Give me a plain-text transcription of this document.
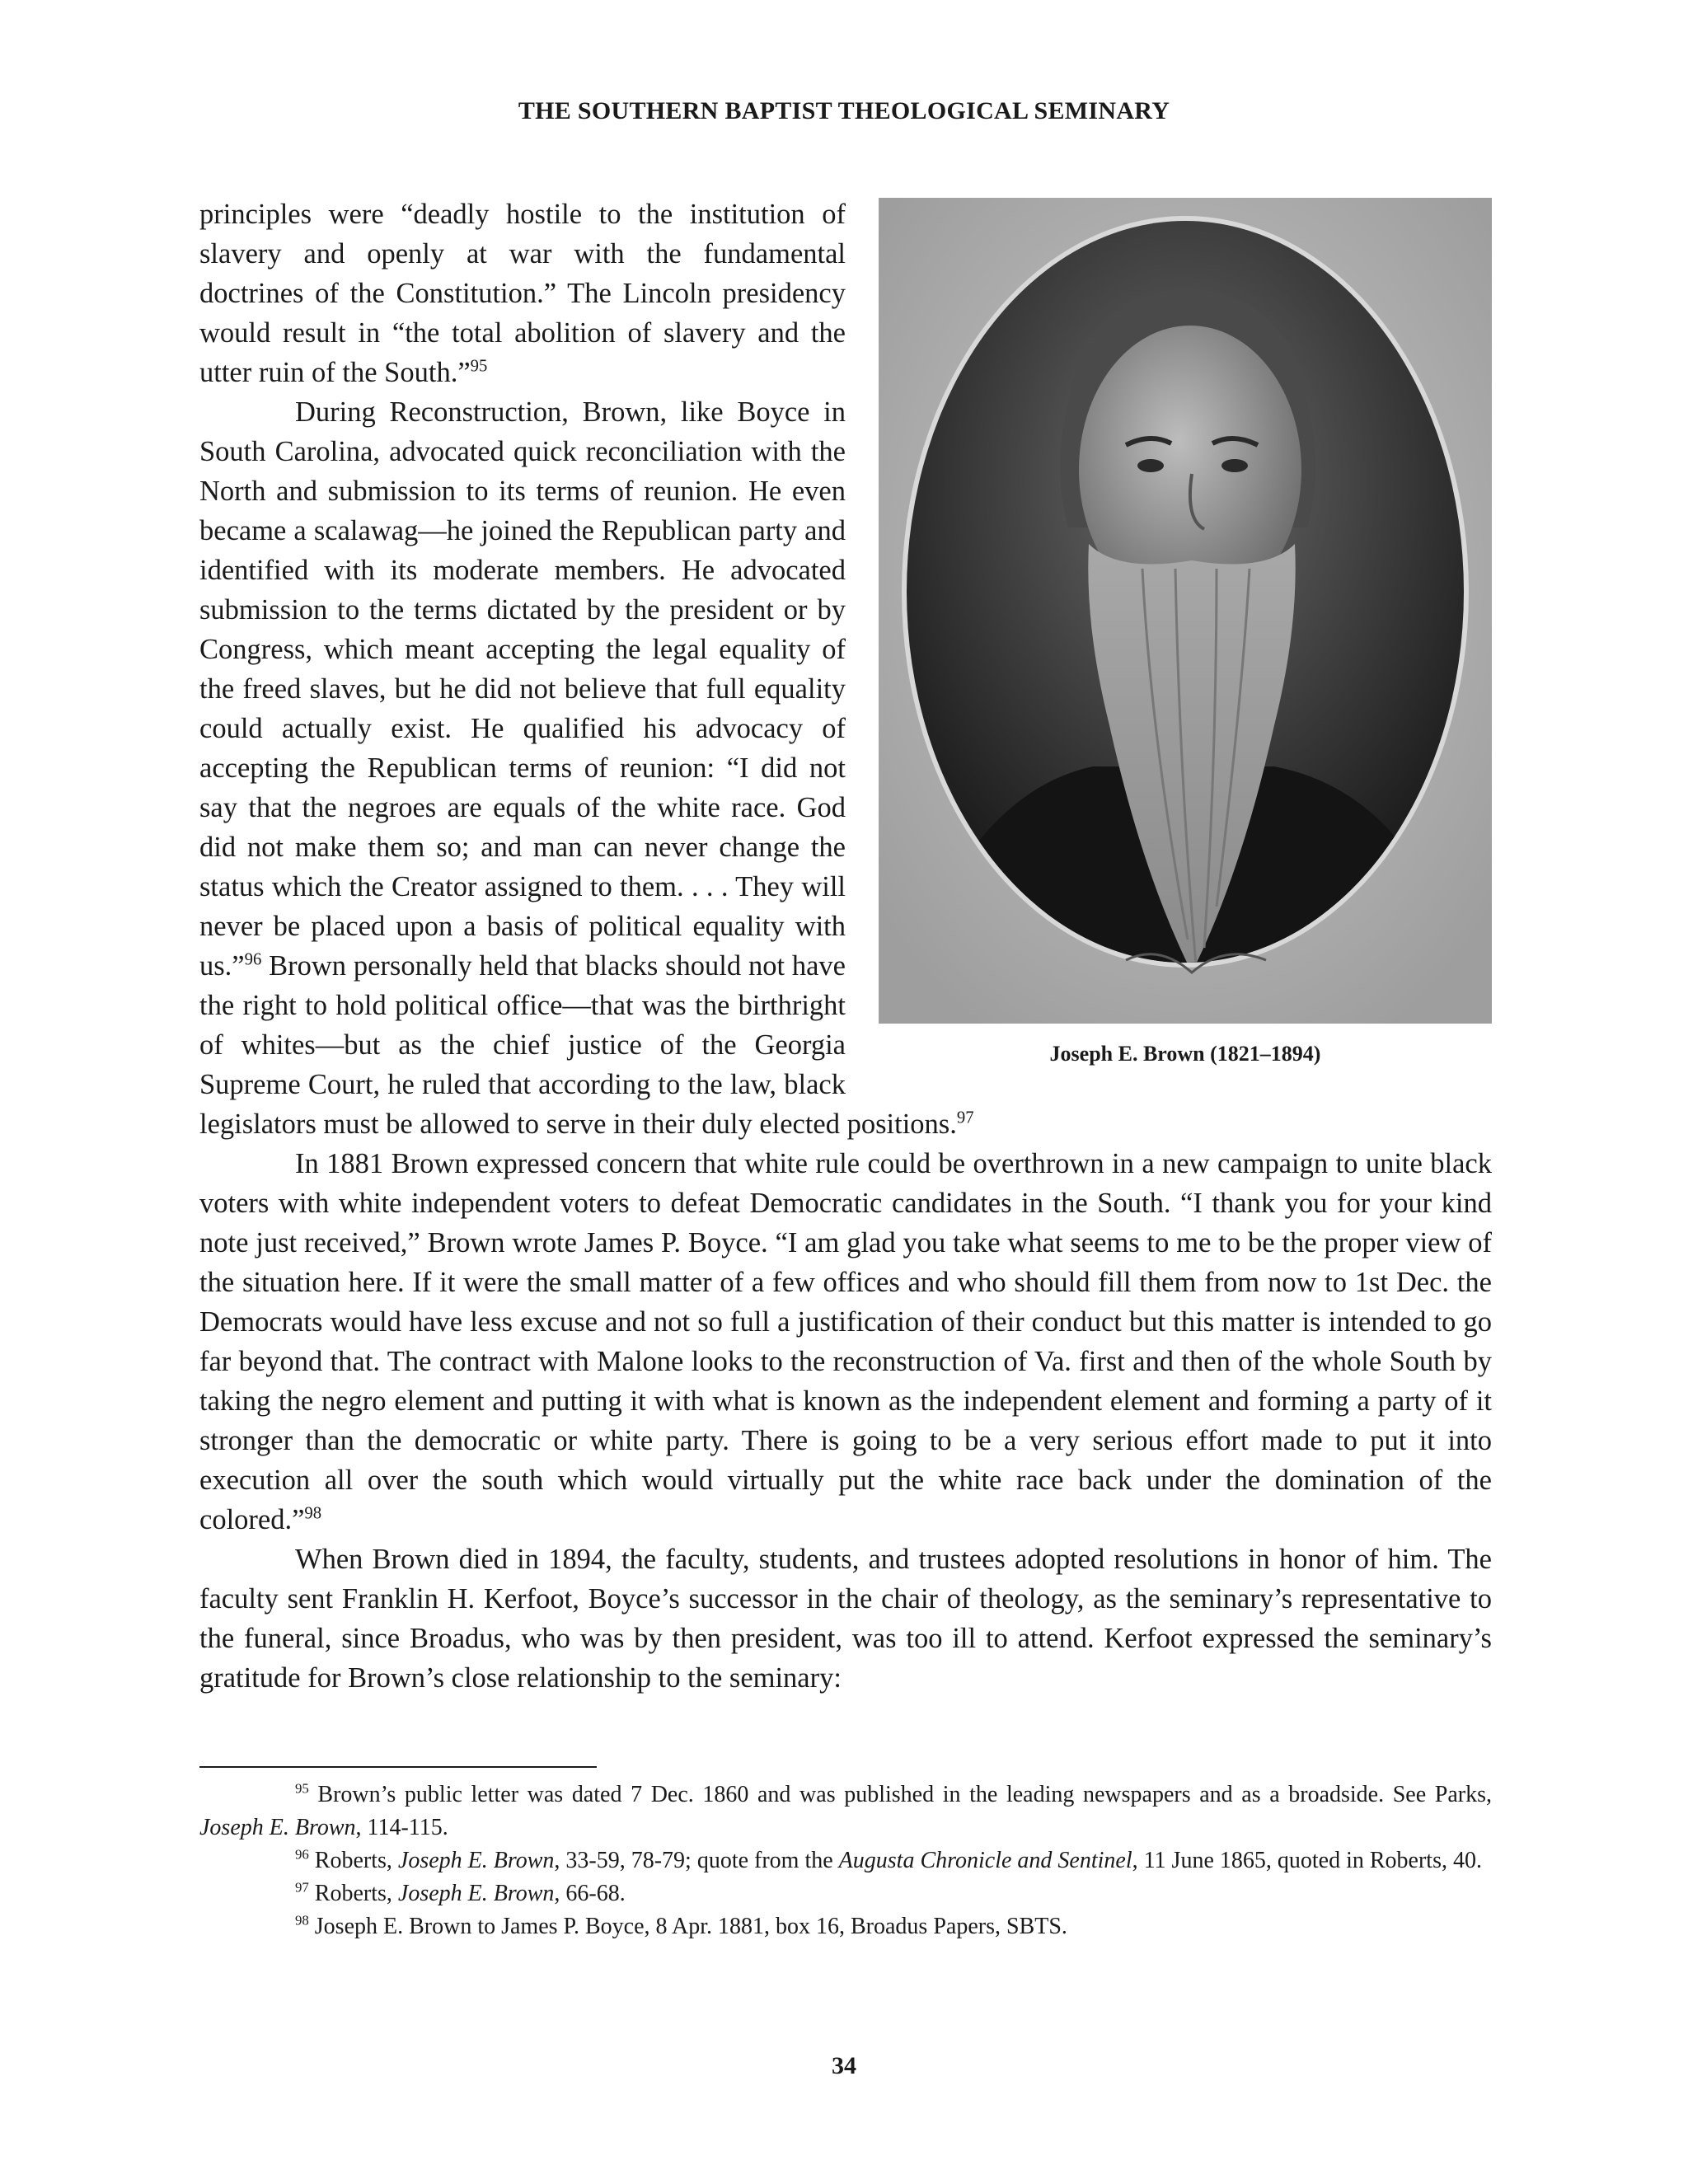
THE SOUTHERN BAPTIST THEOLOGICAL SEMINARY
Joseph E. Brown (1821–1894)

principles were “deadly hostile to the institution of slavery and openly at war with the fundamental doctrines of the Constitution.” The Lincoln presidency would result in “the total abolition of slavery and the utter ruin of the South.”$^{95}$

During Reconstruction, Brown, like Boyce in South Carolina, advocated quick reconciliation with the North and submission to its terms of reunion. He even became a scalawag—he joined the Republican party and identified with its moderate members. He advocated submission to the terms dictated by the president or by Congress, which meant accepting the legal equality of the freed slaves, but he did not believe that full equality could actually exist. He qualified his advocacy of accepting the Republican terms of reunion: “I did not say that the negroes are equals of the white race. God did not make them so; and man can never change the status which the Creator assigned to them. . . . They will never be placed upon a basis of political equality with us.”$^{96}$ Brown personally held that blacks should not have the right to hold political office—that was the birthright of whites—but as the chief justice of the Georgia Supreme Court, he ruled that according to the law, black legislators must be allowed to serve in their duly elected positions.$^{97}$

In 1881 Brown expressed concern that white rule could be overthrown in a new campaign to unite black voters with white independent voters to defeat Democratic candidates in the South. “I thank you for your kind note just received,” Brown wrote James P. Boyce. “I am glad you take what seems to me to be the proper view of the situation here. If it were the small matter of a few offices and who should fill them from now to 1st Dec. the Democrats would have less excuse and not so full a justification of their conduct but this matter is intended to go far beyond that. The contract with Malone looks to the reconstruction of Va. first and then of the whole South by taking the negro element and putting it with what is known as the independent element and forming a party of it stronger than the democratic or white party. There is going to be a very serious effort made to put it into execution all over the south which would virtually put the white race back under the domination of the colored.”$^{98}$

When Brown died in 1894, the faculty, students, and trustees adopted resolutions in honor of him. The faculty sent Franklin H. Kerfoot, Boyce’s successor in the chair of theology, as the seminary’s representative to the funeral, since Broadus, who was by then president, was too ill to attend. Kerfoot expressed the seminary’s gratitude for Brown’s close relationship to the seminary:

$^{95}$ Brown’s public letter was dated 7 Dec. 1860 and was published in the leading newspapers and as a broadside. See Parks, Joseph E. Brown, 114-115.

$^{96}$ Roberts, Joseph E. Brown, 33-59, 78-79; quote from the Augusta Chronicle and Sentinel, 11 June 1865, quoted in Roberts, 40.

$^{97}$ Roberts, Joseph E. Brown, 66-68.

$^{98}$ Joseph E. Brown to James P. Boyce, 8 Apr. 1881, box 16, Broadus Papers, SBTS.

34
